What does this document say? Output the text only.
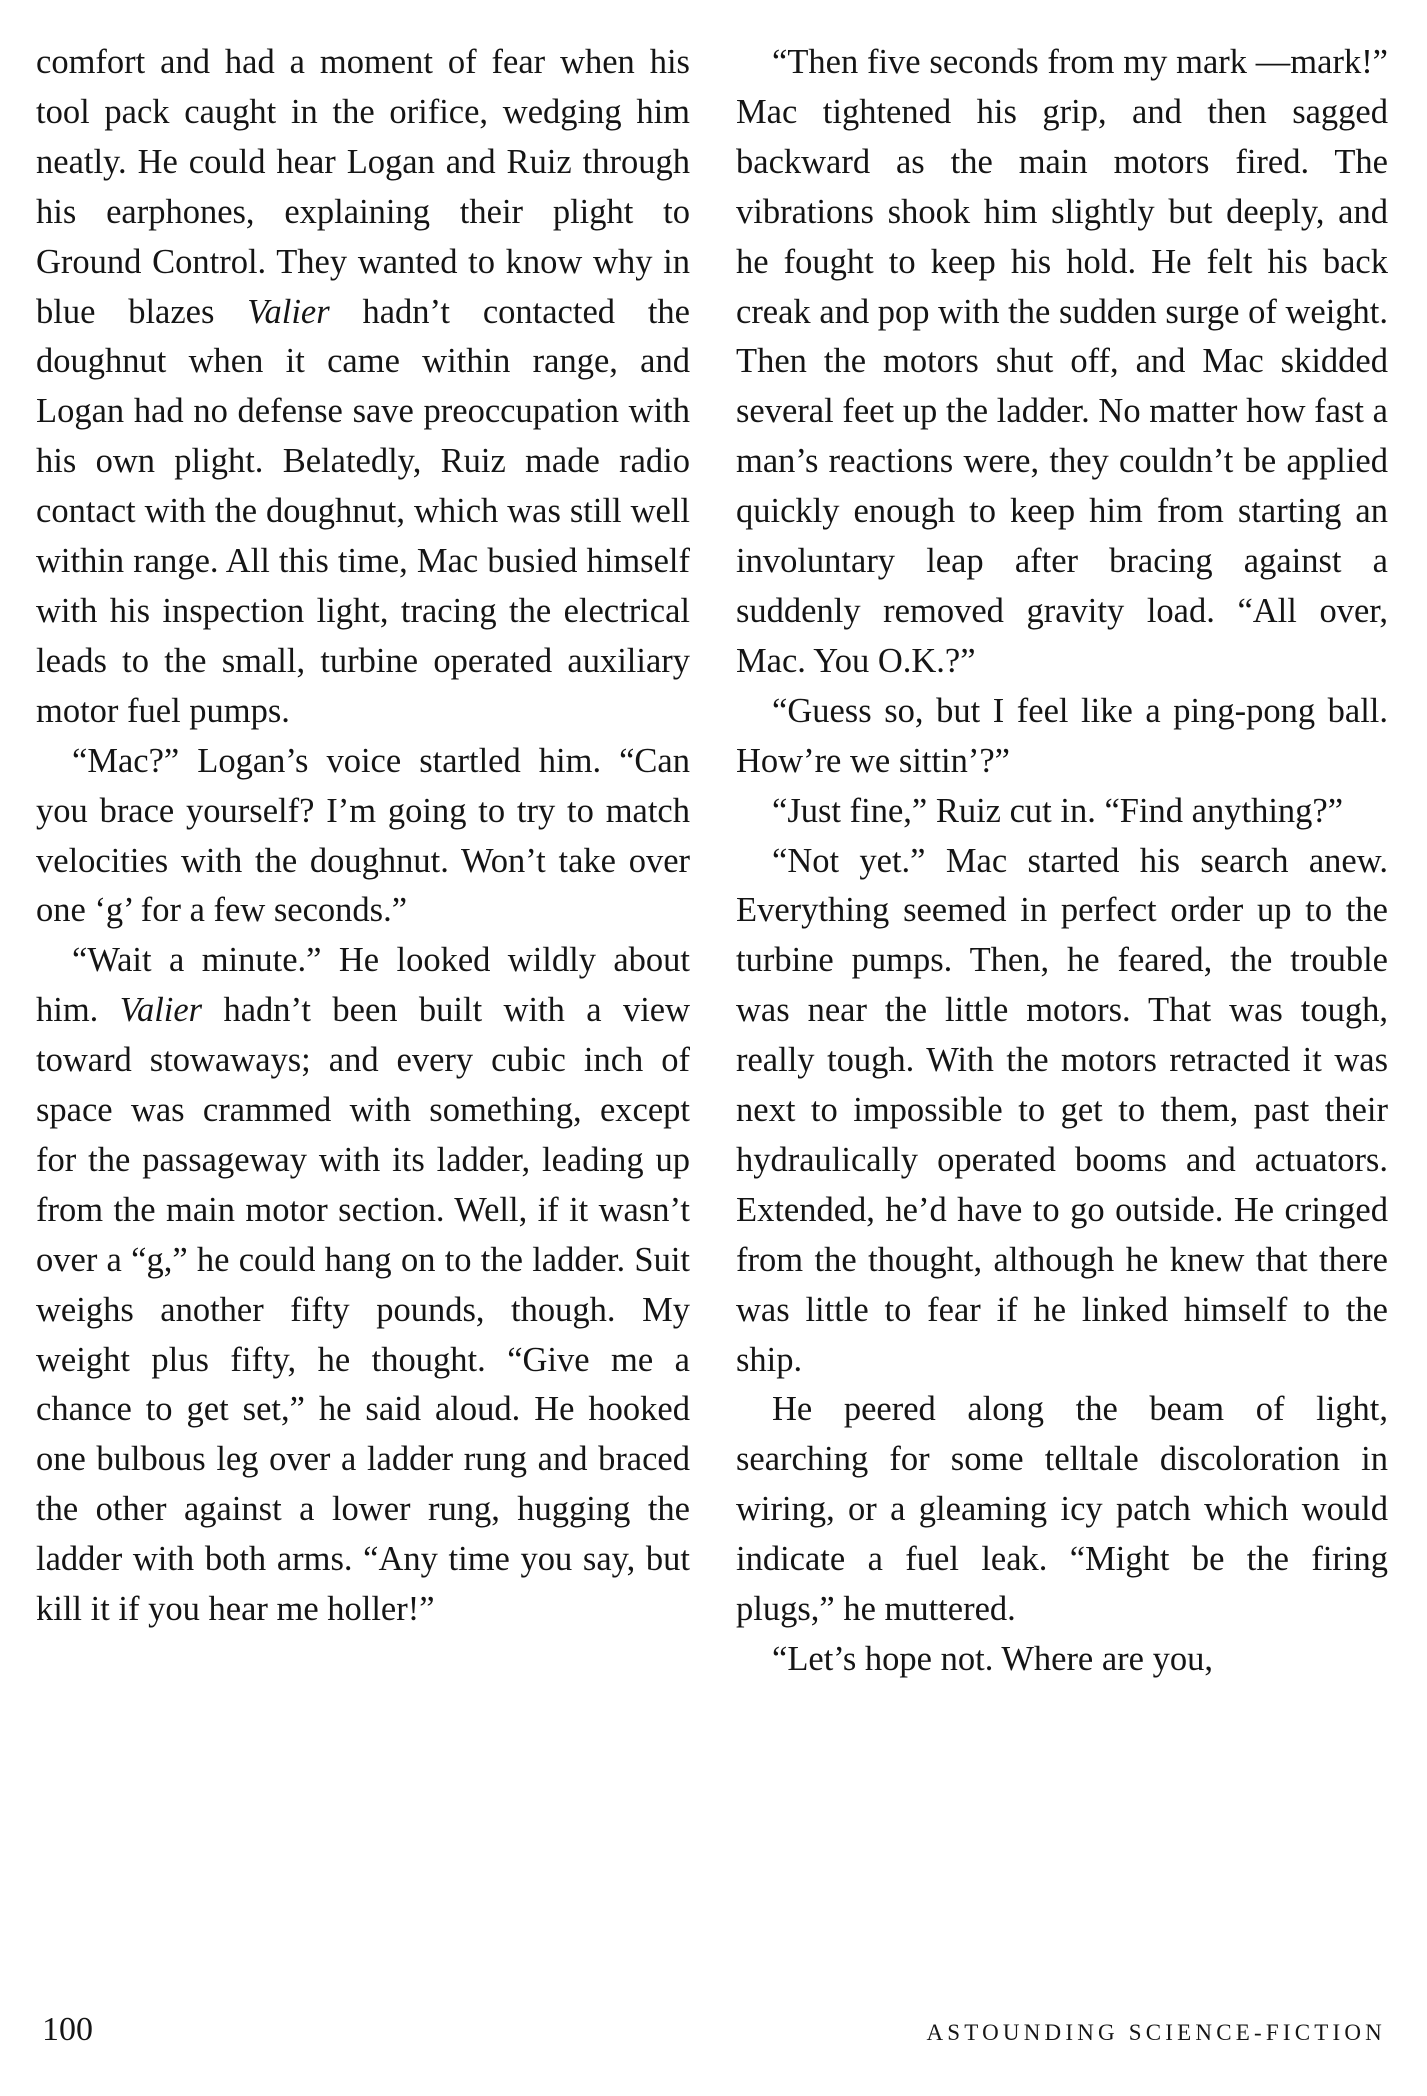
comfort and had a moment of fear when his tool pack caught in the orifice, wedging him neatly. He could hear Logan and Ruiz through his earphones, explaining their plight to Ground Control. They wanted to know why in blue blazes Valier hadn’t contacted the doughnut when it came within range, and Logan had no defense save preoccupation with his own plight. Belatedly, Ruiz made radio contact with the doughnut, which was still well within range. All this time, Mac busied himself with his inspection light, tracing the electrical leads to the small, turbine operated auxiliary motor fuel pumps.

“Mac?” Logan’s voice startled him. “Can you brace yourself? I’m going to try to match velocities with the doughnut. Won’t take over one ‘g’ for a few seconds.”

“Wait a minute.” He looked wildly about him. Valier hadn’t been built with a view toward stowaways; and every cubic inch of space was crammed with something, except for the passageway with its ladder, leading up from the main motor section. Well, if it wasn’t over a “g,” he could hang on to the ladder. Suit weighs another fifty pounds, though. My weight plus fifty, he thought. “Give me a chance to get set,” he said aloud. He hooked one bulbous leg over a ladder rung and braced the other against a lower rung, hugging the ladder with both arms. “Any time you say, but kill it if you hear me holler!”

“Then five seconds from my mark —mark!” Mac tightened his grip, and then sagged backward as the main motors fired. The vibrations shook him slightly but deeply, and he fought to keep his hold. He felt his back creak and pop with the sudden surge of weight. Then the motors shut off, and Mac skidded several feet up the ladder. No matter how fast a man’s reactions were, they couldn’t be applied quickly enough to keep him from starting an involuntary leap after bracing against a suddenly removed gravity load. “All over, Mac. You O.K.?”

“Guess so, but I feel like a ping-pong ball. How’re we sittin’?”

“Just fine,” Ruiz cut in. “Find anything?”

“Not yet.” Mac started his search anew. Everything seemed in perfect order up to the turbine pumps. Then, he feared, the trouble was near the little motors. That was tough, really tough. With the motors retracted it was next to impossible to get to them, past their hydraulically operated booms and actuators. Extended, he’d have to go outside. He cringed from the thought, although he knew that there was little to fear if he linked himself to the ship.

He peered along the beam of light, searching for some telltale discoloration in wiring, or a gleaming icy patch which would indicate a fuel leak. “Might be the firing plugs,” he muttered.

“Let’s hope not. Where are you,

100	ASTOUNDING SCIENCE-FICTION
